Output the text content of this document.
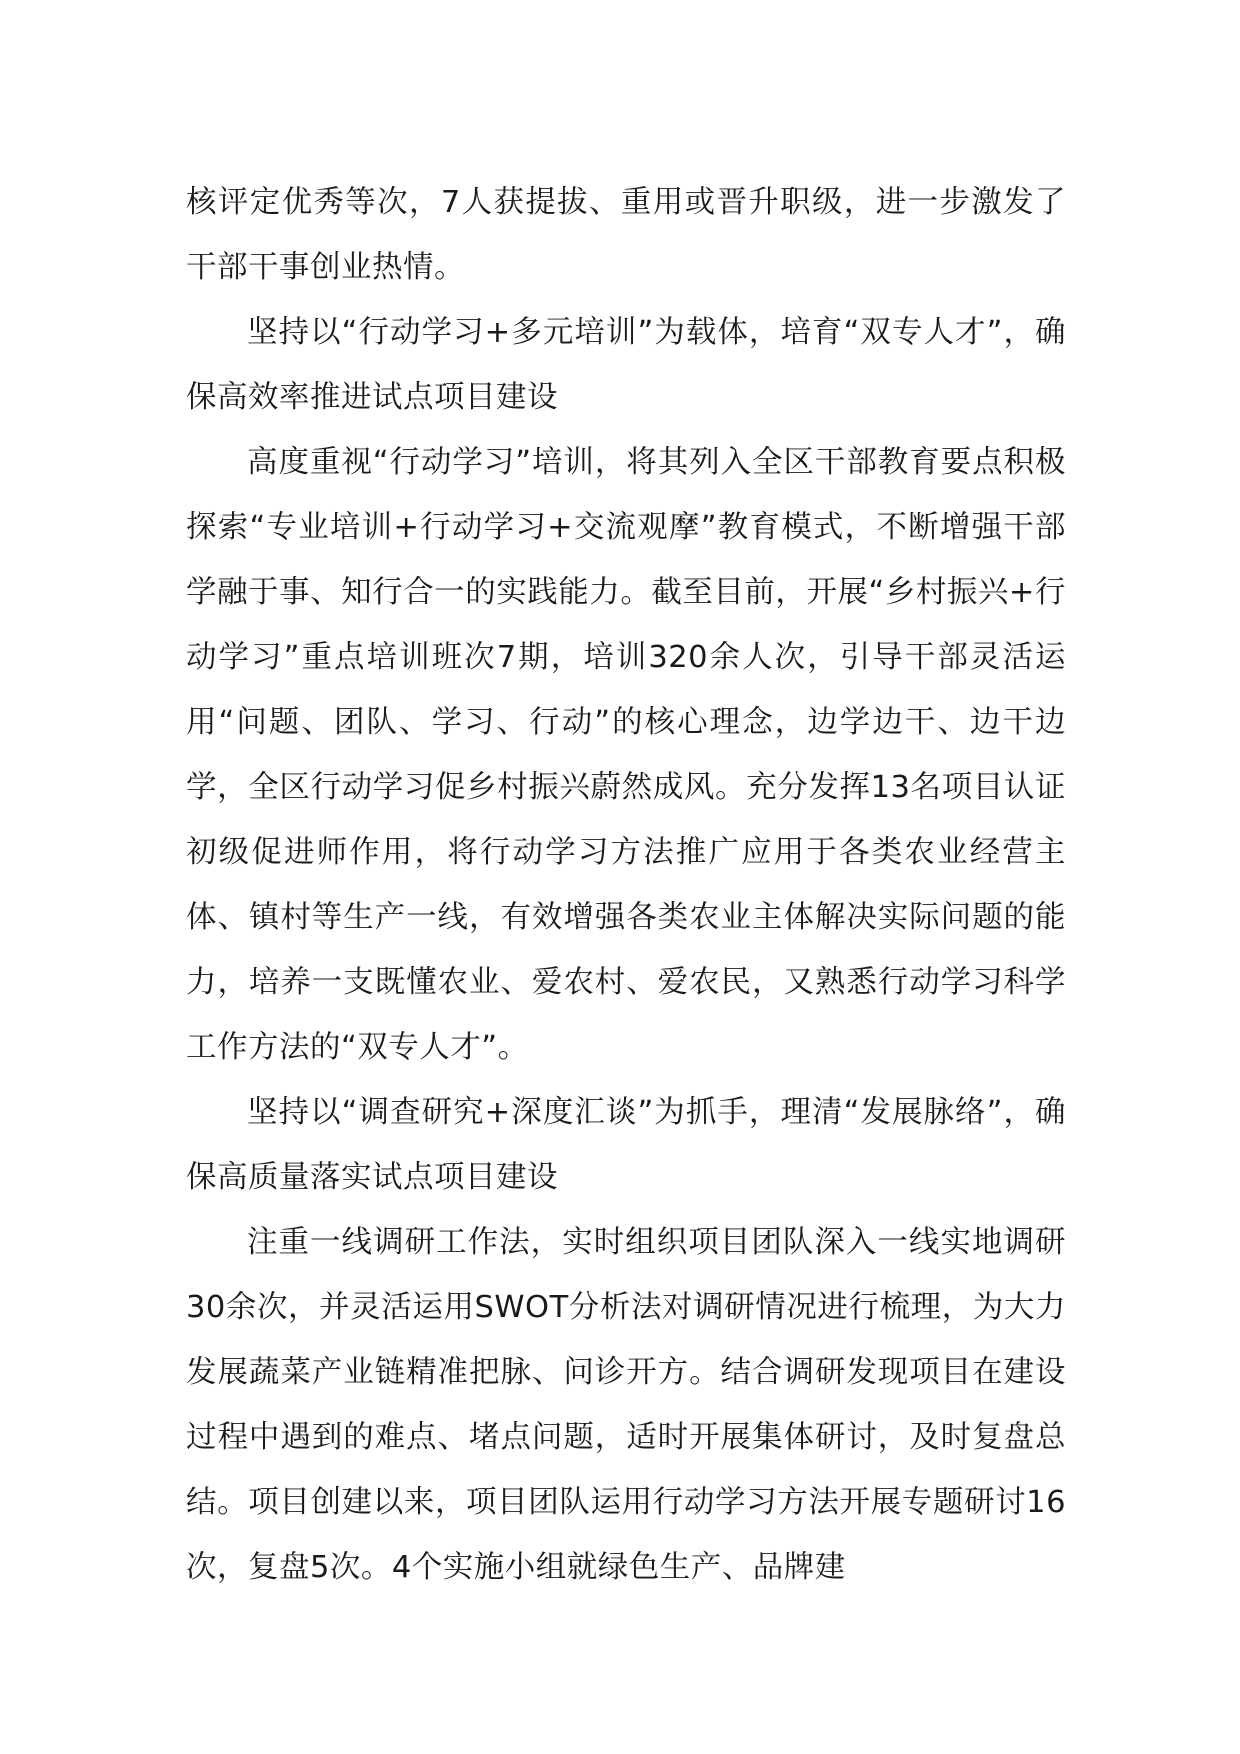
核评定优秀等次，7人获提拔、重用或晋升职级，进一步激发了干部干事创业热情。

坚持以“行动学习+多元培训”为载体，培育“双专人才”，确保高效率推进试点项目建设

高度重视“行动学习”培训，将其列入全区干部教育要点积极探索“专业培训+行动学习+交流观摩”教育模式，不断增强干部学融于事、知行合一的实践能力。截至目前，开展“乡村振兴+行动学习”重点培训班次7期，培训320余人次，引导干部灵活运用“问题、团队、学习、行动”的核心理念，边学边干、边干边学，全区行动学习促乡村振兴蔚然成风。充分发挥13名项目认证初级促进师作用，将行动学习方法推广应用于各类农业经营主体、镇村等生产一线，有效增强各类农业主体解决实际问题的能力，培养一支既懂农业、爱农村、爱农民，又熟悉行动学习科学工作方法的“双专人才”。

坚持以“调查研究+深度汇谈”为抓手，理清“发展脉络”，确保高质量落实试点项目建设

注重一线调研工作法，实时组织项目团队深入一线实地调研30余次，并灵活运用SWOT分析法对调研情况进行梳理，为大力发展蔬菜产业链精准把脉、问诊开方。结合调研发现项目在建设过程中遇到的难点、堵点问题，适时开展集体研讨，及时复盘总结。项目创建以来，项目团队运用行动学习方法开展专题研讨16次，复盘5次。4个实施小组就绿色生产、品牌建
